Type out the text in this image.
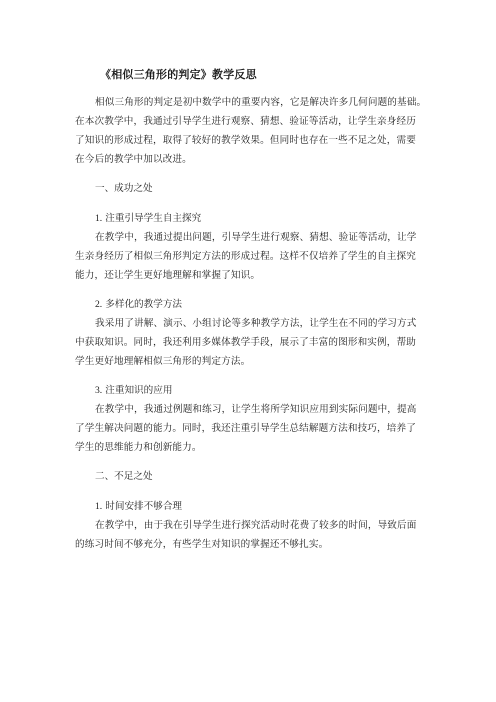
《相似三角形的判定》教学反思
相似三角形的判定是初中数学中的重要内容，它是解决许多几何问题的基础。
在本次教学中，我通过引导学生进行观察、猜想、验证等活动，让学生亲身经历
了知识的形成过程，取得了较好的教学效果。但同时也存在一些不足之处，需要
在今后的教学中加以改进。
一、成功之处
1. 注重引导学生自主探究
在教学中，我通过提出问题，引导学生进行观察、猜想、验证等活动，让学
生亲身经历了相似三角形判定方法的形成过程。这样不仅培养了学生的自主探究
能力，还让学生更好地理解和掌握了知识。
2. 多样化的教学方法
我采用了讲解、演示、小组讨论等多种教学方法，让学生在不同的学习方式
中获取知识。同时，我还利用多媒体教学手段，展示了丰富的图形和实例，帮助
学生更好地理解相似三角形的判定方法。
3. 注重知识的应用
在教学中，我通过例题和练习，让学生将所学知识应用到实际问题中，提高
了学生解决问题的能力。同时，我还注重引导学生总结解题方法和技巧，培养了
学生的思维能力和创新能力。
二、不足之处
1. 时间安排不够合理
在教学中，由于我在引导学生进行探究活动时花费了较多的时间，导致后面
的练习时间不够充分，有些学生对知识的掌握还不够扎实。
